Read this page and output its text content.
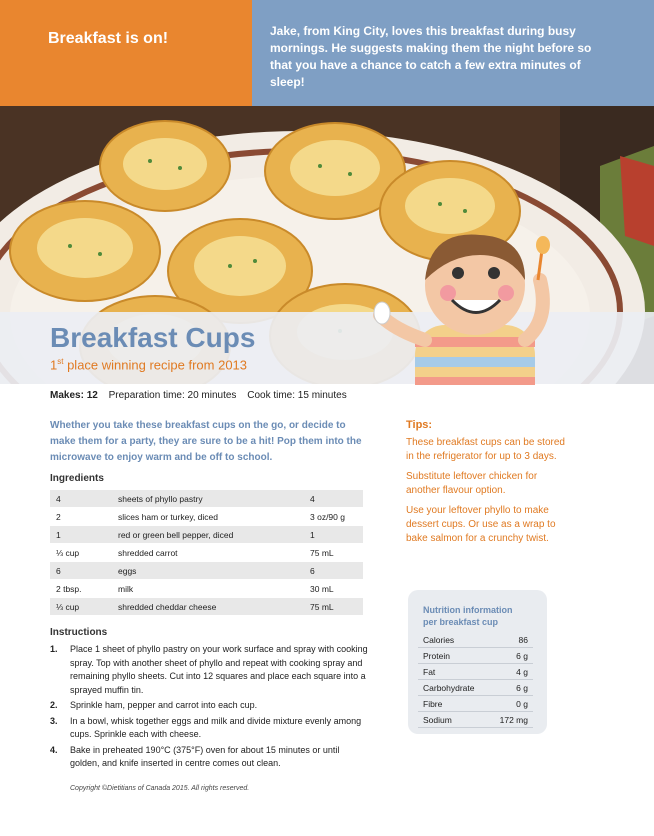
Breakfast is on!	Jake, from King City, loves this breakfast during busy mornings. He suggests making them the night before so that you have a chance to catch a few extra minutes of sleep!
Breakfast Cups
1st place winning recipe from 2013
Makes: 12 Preparation time: 20 minutes Cook time: 15 minutes
Whether you take these breakfast cups on the go, or decide to make them for a party, they are sure to be a hit! Pop them into the microwave to enjoy warm and be off to school.
Tips:

These breakfast cups can be stored in the refrigerator for up to 3 days.

Substitute leftover chicken for another flavour option.

Use your leftover phyllo to make dessert cups. Or use as a wrap to bake salmon for a crunchy twist.

Ingredients
4	sheets of phyllo pastry	4
2	slices ham or turkey, diced	3 oz/90 g
1	red or green bell pepper, diced	1
⅓ cup	shredded carrot	75 mL
6	eggs	6
2 tbsp.	milk	30 mL
⅓ cup	shredded cheddar cheese	75 mL
Instructions
1. Place 1 sheet of phyllo pastry on your work surface and spray with cooking spray. Top with another sheet of phyllo and repeat with cooking spray and remaining phyllo sheets. Cut into 12 squares and place each square into a sprayed muffin tin.
2. Sprinkle ham, pepper and carrot into each cup.
3. In a bowl, whisk together eggs and milk and divide mixture evenly among cups. Sprinkle each with cheese.
4. Bake in preheated 190°C (375°F) oven for about 15 minutes or until golden, and knife inserted in centre comes out clean.
Copyright ©Dietitians of Canada 2015. All rights reserved.
Nutrition information
per breakfast cup
Calories	86
Protein	6 g
Fat	4 g
Carbohydrate	6 g
Fibre	0 g
Sodium	172 mg
